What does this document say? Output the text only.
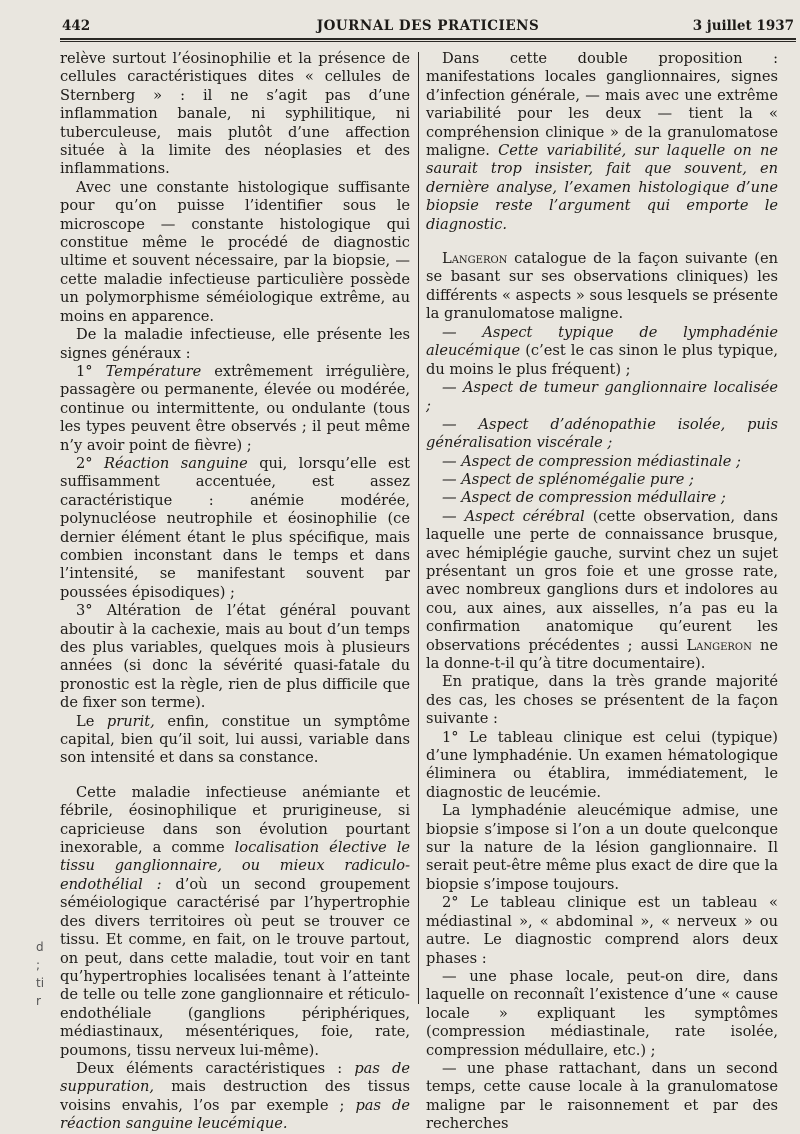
442	JOURNAL DES PRATICIENS	3 juillet 1937

relève surtout l’éosinophilie et la présence de cellules caractéristiques dites « cellules de Sternberg » : il ne s’agit pas d’une inflammation banale, ni syphilitique, ni tuberculeuse, mais plutôt d’une affection située à la limite des néoplasies et des inflammations.

Avec une constante histologique suffisante pour qu’on puisse l’identifier sous le microscope — constante histologique qui constitue même le procédé de diagnostic ultime et souvent nécessaire, par la biopsie, — cette maladie infectieuse particulière possède un polymorphisme séméiologique extrême, au moins en apparence.

De la maladie infectieuse, elle présente les signes généraux :

1° Température extrêmement irrégulière, passagère ou permanente, élevée ou modérée, continue ou intermittente, ou ondulante (tous les types peuvent être observés ; il peut même n’y avoir point de fièvre) ;

2° Réaction sanguine qui, lorsqu’elle est suffisamment accentuée, est assez caractéristique : anémie modérée, polynucléose neutrophile et éosinophilie (ce dernier élément étant le plus spécifique, mais combien inconstant dans le temps et dans l’intensité, se manifestant souvent par poussées épisodiques) ;

3° Altération de l’état général pouvant aboutir à la cachexie, mais au bout d’un temps des plus variables, quelques mois à plusieurs années (si donc la sévérité quasi-fatale du pronostic est la règle, rien de plus difficile que de fixer son terme).

Le prurit, enfin, constitue un symptôme capital, bien qu’il soit, lui aussi, variable dans son intensité et dans sa constance.

Cette maladie infectieuse anémiante et fébrile, éosinophilique et prurigineuse, si capricieuse dans son évolution pourtant inexorable, a comme localisation élective le tissu ganglionnaire, ou mieux radiculo-endothélial : d’où un second groupement séméiologique caractérisé par l’hypertrophie des divers territoires où peut se trouver ce tissu. Et comme, en fait, on le trouve partout, on peut, dans cette maladie, tout voir en tant qu’hypertrophies localisées tenant à l’atteinte de telle ou telle zone ganglionnaire et réticulo-endothéliale (ganglions périphériques, médiastinaux, mésentériques, foie, rate, poumons, tissu nerveux lui-même).

Deux éléments caractéristiques : pas de suppuration, mais destruction des tissus voisins envahis, l’os par exemple ; pas de réaction sanguine leucémique.

d
;
ti
r

Dans cette double proposition : manifestations locales ganglionnaires, signes d’infection générale, — mais avec une extrême variabilité pour les deux — tient la « compréhension clinique » de la granulomatose maligne. Cette variabilité, sur laquelle on ne saurait trop insister, fait que souvent, en dernière analyse, l’examen histologique d’une biopsie reste l’argument qui emporte le diagnostic.

Langeron catalogue de la façon suivante (en se basant sur ses observations cliniques) les différents « aspects » sous lesquels se présente la granulomatose maligne.

— Aspect typique de lymphadénie aleucémique (c’est le cas sinon le plus typique, du moins le plus fréquent) ;

— Aspect de tumeur ganglionnaire localisée ;

— Aspect d’adénopathie isolée, puis généralisation viscérale ;

— Aspect de compression médiastinale ;

— Aspect de splénomégalie pure ;

— Aspect de compression médullaire ;

— Aspect cérébral (cette observation, dans laquelle une perte de connaissance brusque, avec hémiplégie gauche, survint chez un sujet présentant un gros foie et une grosse rate, avec nombreux ganglions durs et indolores au cou, aux aines, aux aisselles, n’a pas eu la confirmation anatomique qu’eurent les observations précédentes ; aussi Langeron ne la donne-t-il qu’à titre documentaire).

En pratique, dans la très grande majorité des cas, les choses se présentent de la façon suivante :

1° Le tableau clinique est celui (typique) d’une lymphadénie. Un examen hématologique éliminera ou établira, immédiatement, le diagnostic de leucémie.

La lymphadénie aleucémique admise, une biopsie s’impose si l’on a un doute quelconque sur la nature de la lésion ganglionnaire. Il serait peut-être même plus exact de dire que la biopsie s’impose toujours.

2° Le tableau clinique est un tableau « médiastinal », « abdominal », « nerveux » ou autre. Le diagnostic comprend alors deux phases :

— une phase locale, peut-on dire, dans laquelle on reconnaît l’existence d’une « cause locale » expliquant les symptômes (compression médiastinale, rate isolée, compression médullaire, etc.) ;

— une phase rattachant, dans un second temps, cette cause locale à la granulomatose maligne par le raisonnement et par des recherches
